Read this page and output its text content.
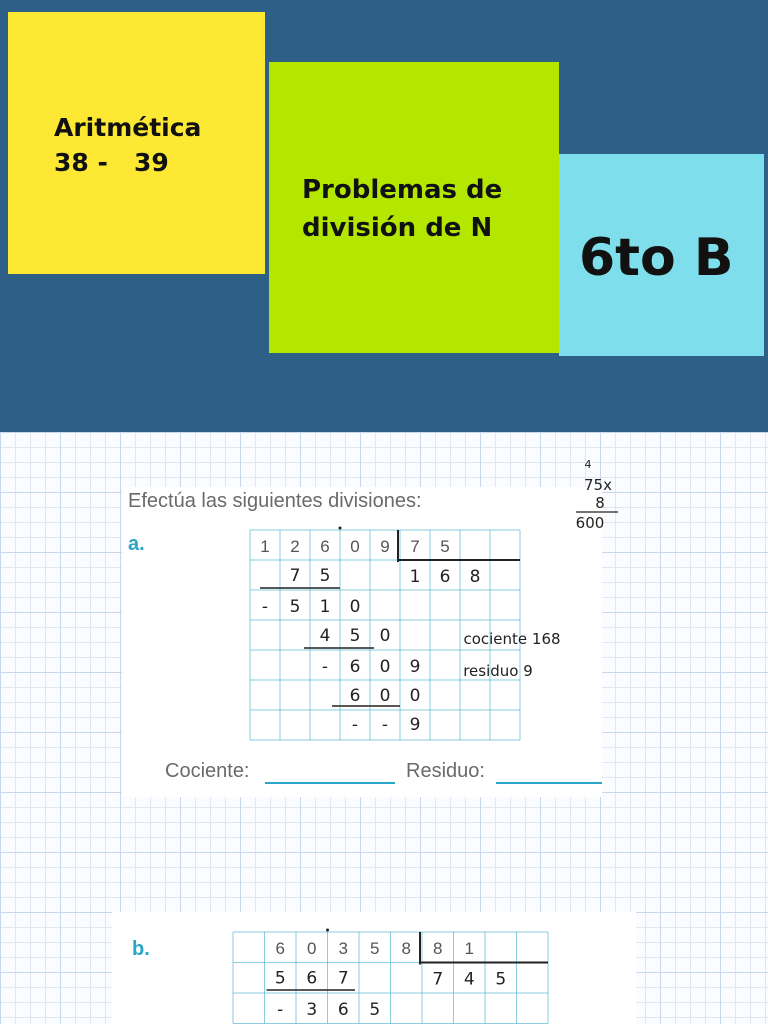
Aritmética
38 -   39
Problemas de
división de N	6to B
Efectúa las siguientes divisiones:
a.
b.
Cociente:	Residuo:
1 2 6 0 9 7 5
1 6 8
7 5
- 5 1 0
4 5 0
- 6 0 9
6 0 0
- - 9
cociente 168
residuo 9
4
75x
8
600
6 0 3 5 8 8 1
7 4 5
5 6 7
- 3 6 5
